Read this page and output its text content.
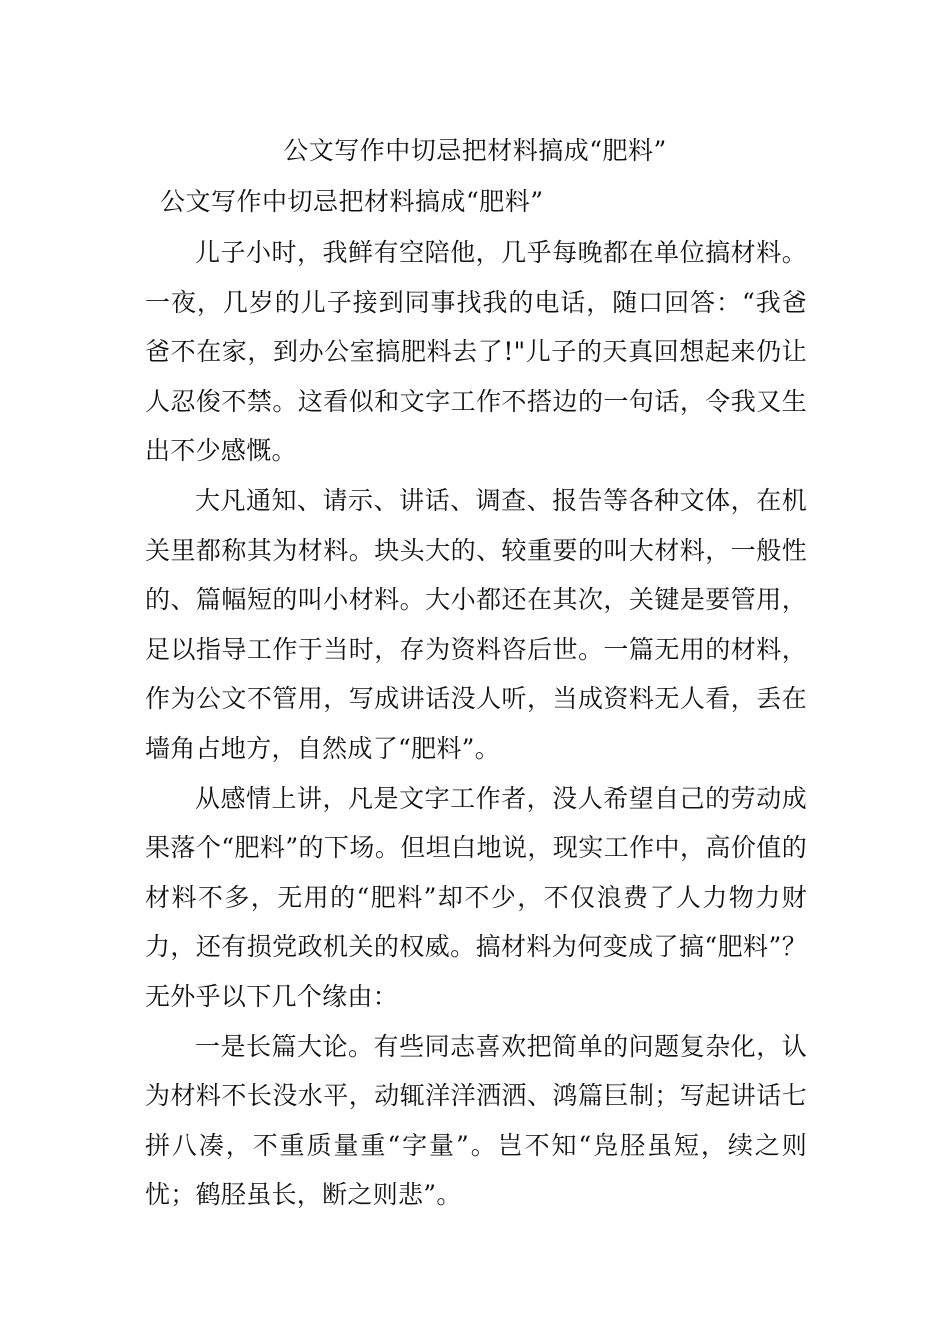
公文写作中切忌把材料搞成“肥料”
公文写作中切忌把材料搞成“肥料”

儿子小时，我鲜有空陪他，几乎每晚都在单位搞材料。一夜，几岁的儿子接到同事找我的电话，随口回答：“我爸爸不在家，到办公室搞肥料去了!"儿子的天真回想起来仍让人忍俊不禁。这看似和文字工作不搭边的一句话，令我又生出不少感慨。

大凡通知、请示、讲话、调查、报告等各种文体，在机关里都称其为材料。块头大的、较重要的叫大材料，一般性的、篇幅短的叫小材料。大小都还在其次，关键是要管用，足以指导工作于当时，存为资料咨后世。一篇无用的材料，作为公文不管用，写成讲话没人听，当成资料无人看，丢在墙角占地方，自然成了“肥料”。

从感情上讲，凡是文字工作者，没人希望自己的劳动成果落个“肥料”的下场。但坦白地说，现实工作中，高价值的材料不多，无用的“肥料”却不少，不仅浪费了人力物力财力，还有损党政机关的权威。搞材料为何变成了搞“肥料”？无外乎以下几个缘由：

一是长篇大论。有些同志喜欢把简单的问题复杂化，认为材料不长没水平，动辄洋洋洒洒、鸿篇巨制；写起讲话七拼八凑，不重质量重“字量”。岂不知“凫胫虽短，续之则忧；鹤胫虽长，断之则悲”。
